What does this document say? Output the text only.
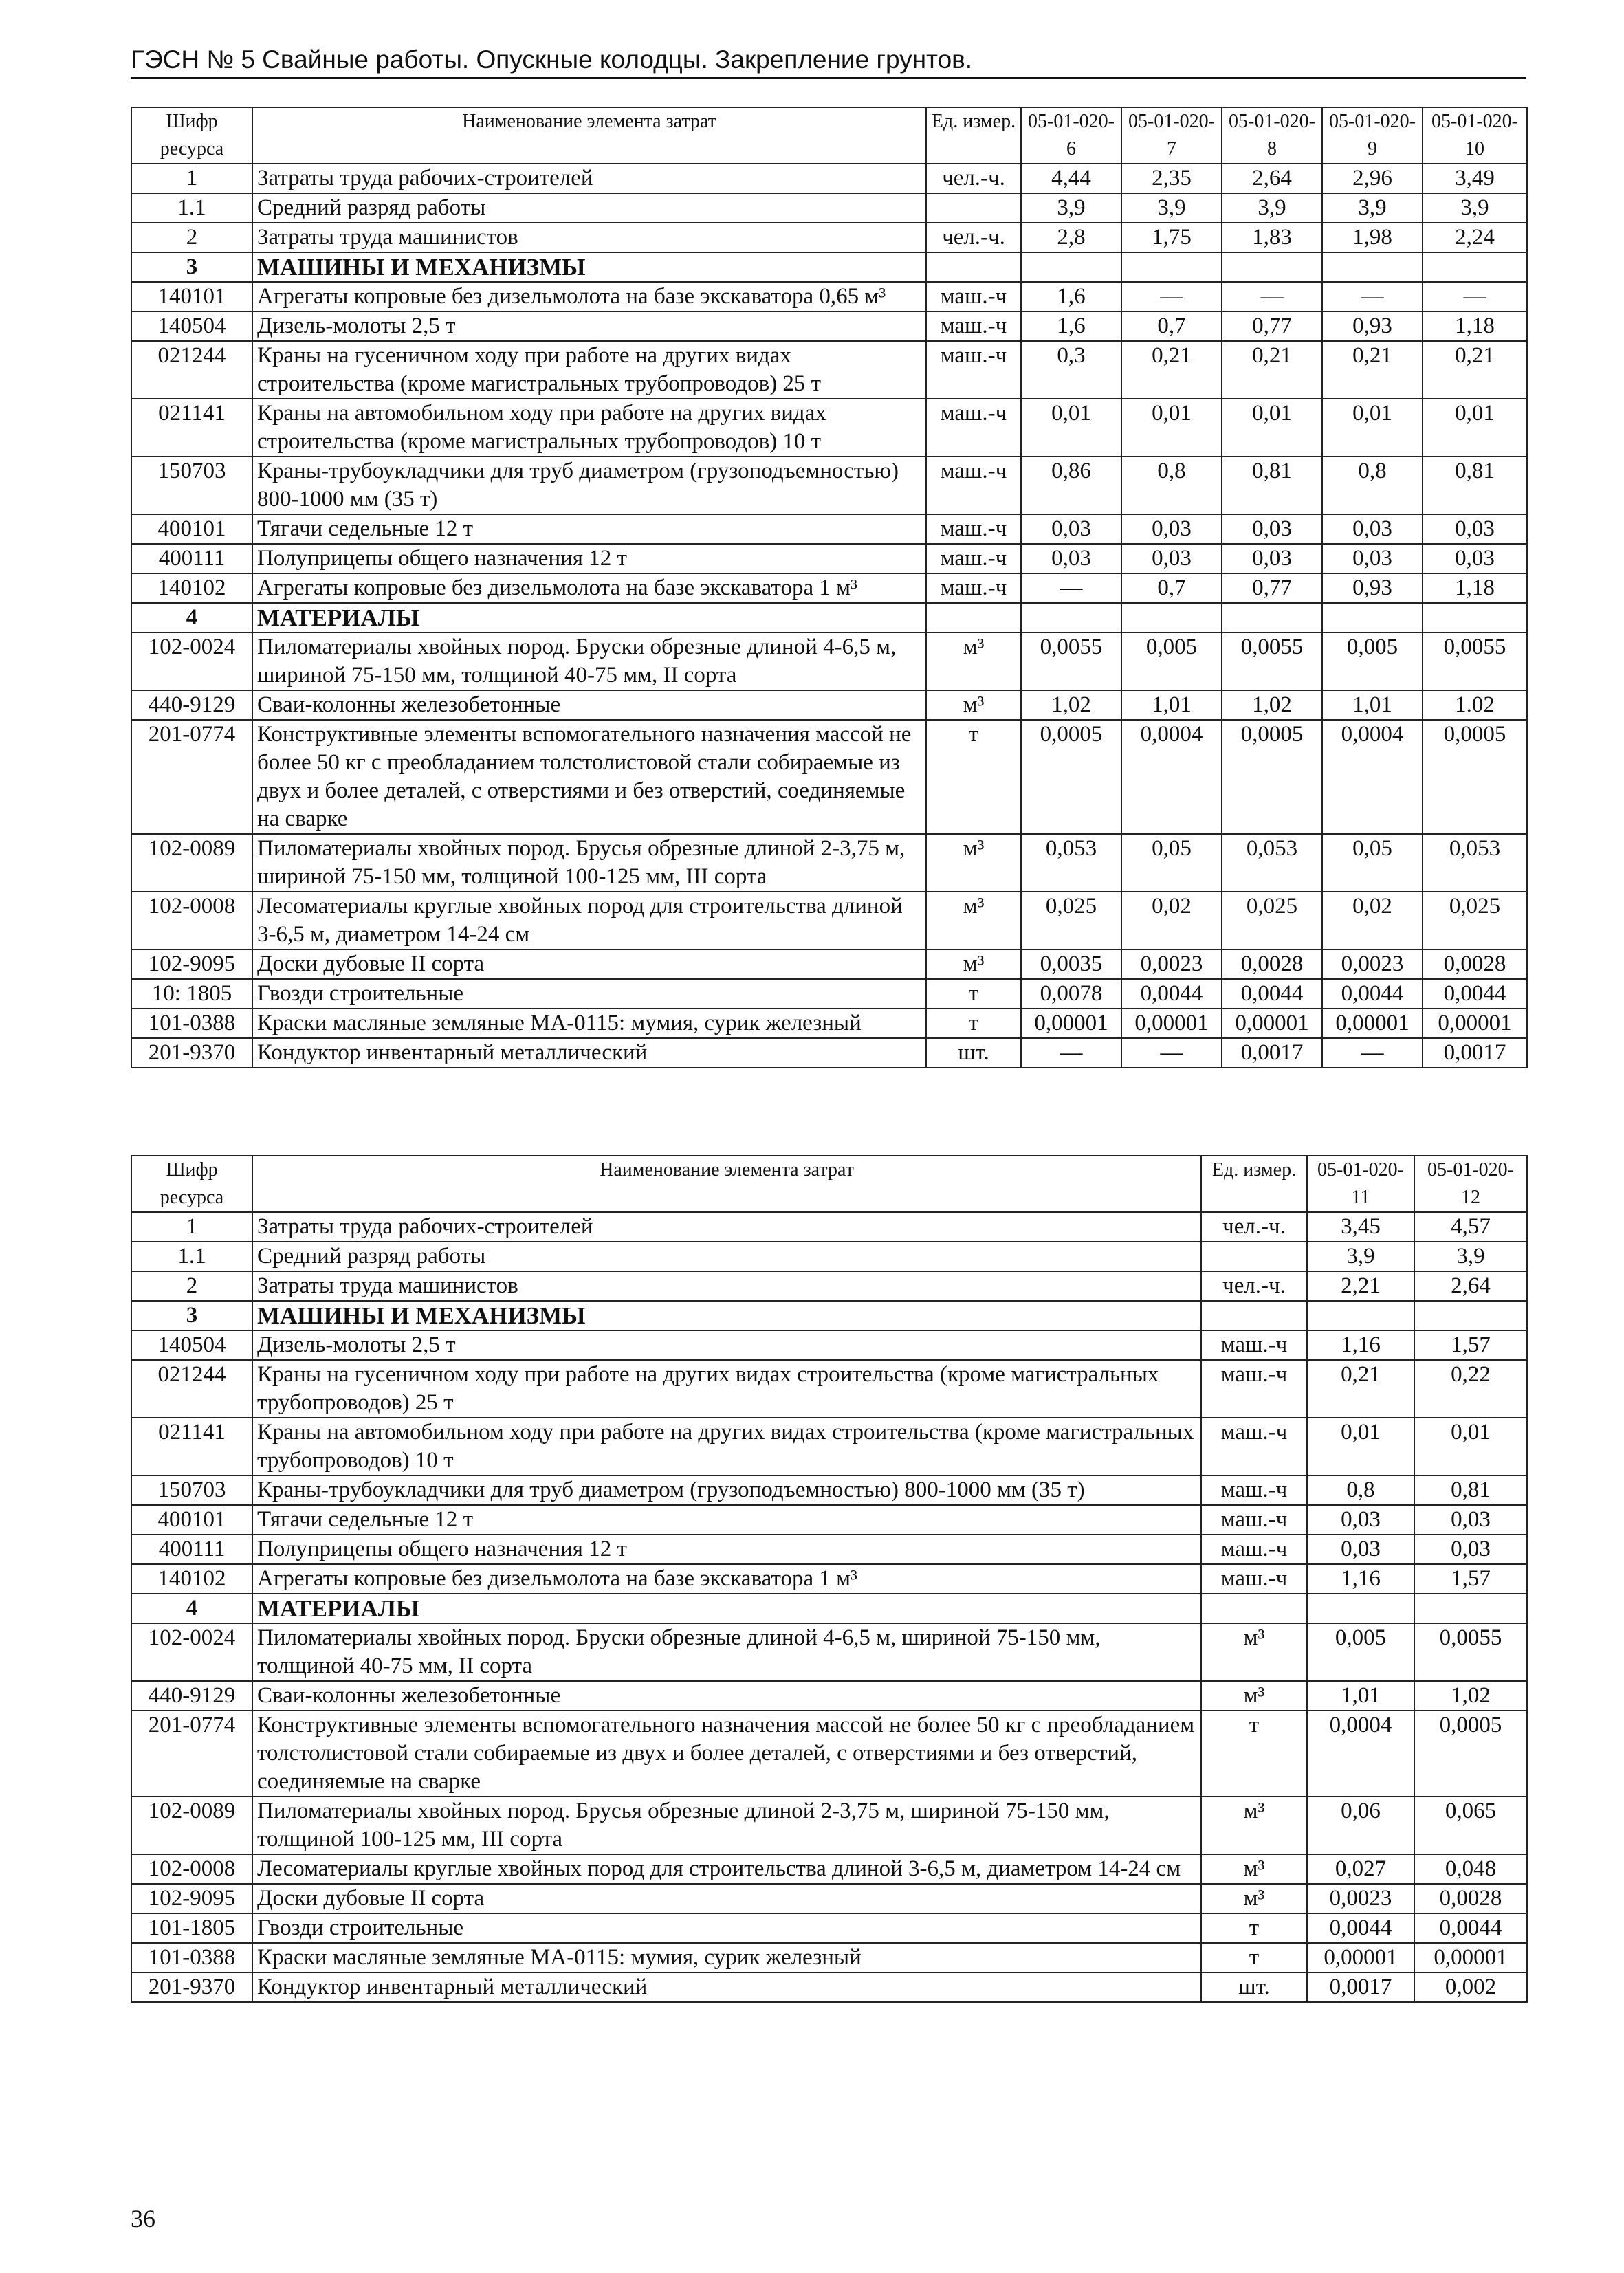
ГЭСН № 5 Свайные работы. Опускные колодцы. Закрепление грунтов.
Шифр ресурса	Наименование элемента затрат	Ед. измер.	05-01-020-6	05-01-020-7	05-01-020-8	05-01-020-9	05-01-020-10
1	Затраты труда рабочих-строителей	чел.-ч.	4,44	2,35	2,64	2,96	3,49
1.1	Средний разряд работы		3,9	3,9	3,9	3,9	3,9
2	Затраты труда машинистов	чел.-ч.	2,8	1,75	1,83	1,98	2,24
3	МАШИНЫ И МЕХАНИЗМЫ						
140101	Агрегаты копровые без дизельмолота на базе экскаватора 0,65 м³	маш.-ч	1,6	—	—	—	—
140504	Дизель-молоты 2,5 т	маш.-ч	1,6	0,7	0,77	0,93	1,18
021244	Краны на гусеничном ходу при работе на других видах строительства (кроме магистральных трубопроводов) 25 т	маш.-ч	0,3	0,21	0,21	0,21	0,21
021141	Краны на автомобильном ходу при работе на других видах строительства (кроме магистральных трубопроводов) 10 т	маш.-ч	0,01	0,01	0,01	0,01	0,01
150703	Краны-трубоукладчики для труб диаметром (грузоподъемностью) 800-1000 мм (35 т)	маш.-ч	0,86	0,8	0,81	0,8	0,81
400101	Тягачи седельные 12 т	маш.-ч	0,03	0,03	0,03	0,03	0,03
400111	Полуприцепы общего назначения 12 т	маш.-ч	0,03	0,03	0,03	0,03	0,03
140102	Агрегаты копровые без дизельмолота на базе экскаватора 1 м³	маш.-ч	—	0,7	0,77	0,93	1,18
4	МАТЕРИАЛЫ						
102-0024	Пиломатериалы хвойных пород. Бруски обрезные длиной 4-6,5 м, шириной 75-150 мм, толщиной 40-75 мм, II сорта	м³	0,0055	0,005	0,0055	0,005	0,0055
440-9129	Сваи-колонны железобетонные	м³	1,02	1,01	1,02	1,01	1.02
201-0774	Конструктивные элементы вспомогательного назначения массой не более 50 кг с преобладанием толстолистовой стали собираемые из двух и более деталей, с отверстиями и без отверстий, соединяемые на сварке	т	0,0005	0,0004	0,0005	0,0004	0,0005
102-0089	Пиломатериалы хвойных пород. Брусья обрезные длиной 2-3,75 м, шириной 75-150 мм, толщиной 100-125 мм, III сорта	м³	0,053	0,05	0,053	0,05	0,053
102-0008	Лесоматериалы круглые хвойных пород для строительства длиной 3-6,5 м, диаметром 14-24 см	м³	0,025	0,02	0,025	0,02	0,025
102-9095	Доски дубовые II сорта	м³	0,0035	0,0023	0,0028	0,0023	0,0028
10: 1805	Гвозди строительные	т	0,0078	0,0044	0,0044	0,0044	0,0044
101-0388	Краски масляные земляные МА-0115: мумия, сурик железный	т	0,00001	0,00001	0,00001	0,00001	0,00001
201-9370	Кондуктор инвентарный металлический	шт.	—	—	0,0017	—	0,0017
Шифр ресурса	Наименование элемента затрат	Ед. измер.	05-01-020-11	05-01-020-12
1	Затраты труда рабочих-строителей	чел.-ч.	3,45	4,57
1.1	Средний разряд работы		3,9	3,9
2	Затраты труда машинистов	чел.-ч.	2,21	2,64
3	МАШИНЫ И МЕХАНИЗМЫ			
140504	Дизель-молоты 2,5 т	маш.-ч	1,16	1,57
021244	Краны на гусеничном ходу при работе на других видах строительства (кроме магистральных трубопроводов) 25 т	маш.-ч	0,21	0,22
021141	Краны на автомобильном ходу при работе на других видах строительства (кроме магистральных трубопроводов) 10 т	маш.-ч	0,01	0,01
150703	Краны-трубоукладчики для труб диаметром (грузоподъемностью) 800-1000 мм (35 т)	маш.-ч	0,8	0,81
400101	Тягачи седельные 12 т	маш.-ч	0,03	0,03
400111	Полуприцепы общего назначения 12 т	маш.-ч	0,03	0,03
140102	Агрегаты копровые без дизельмолота на базе экскаватора 1 м³	маш.-ч	1,16	1,57
4	МАТЕРИАЛЫ			
102-0024	Пиломатериалы хвойных пород. Бруски обрезные длиной 4-6,5 м, шириной 75-150 мм, толщиной 40-75 мм, II сорта	м³	0,005	0,0055
440-9129	Сваи-колонны железобетонные	м³	1,01	1,02
201-0774	Конструктивные элементы вспомогательного назначения массой не более 50 кг с преобладанием толстолистовой стали собираемые из двух и более деталей, с отверстиями и без отверстий, соединяемые на сварке	т	0,0004	0,0005
102-0089	Пиломатериалы хвойных пород. Брусья обрезные длиной 2-3,75 м, шириной 75-150 мм, толщиной 100-125 мм, III сорта	м³	0,06	0,065
102-0008	Лесоматериалы круглые хвойных пород для строительства длиной 3-6,5 м, диаметром 14-24 см	м³	0,027	0,048
102-9095	Доски дубовые II сорта	м³	0,0023	0,0028
101-1805	Гвозди строительные	т	0,0044	0,0044
101-0388	Краски масляные земляные МА-0115: мумия, сурик железный	т	0,00001	0,00001
201-9370	Кондуктор инвентарный металлический	шт.	0,0017	0,002
36
